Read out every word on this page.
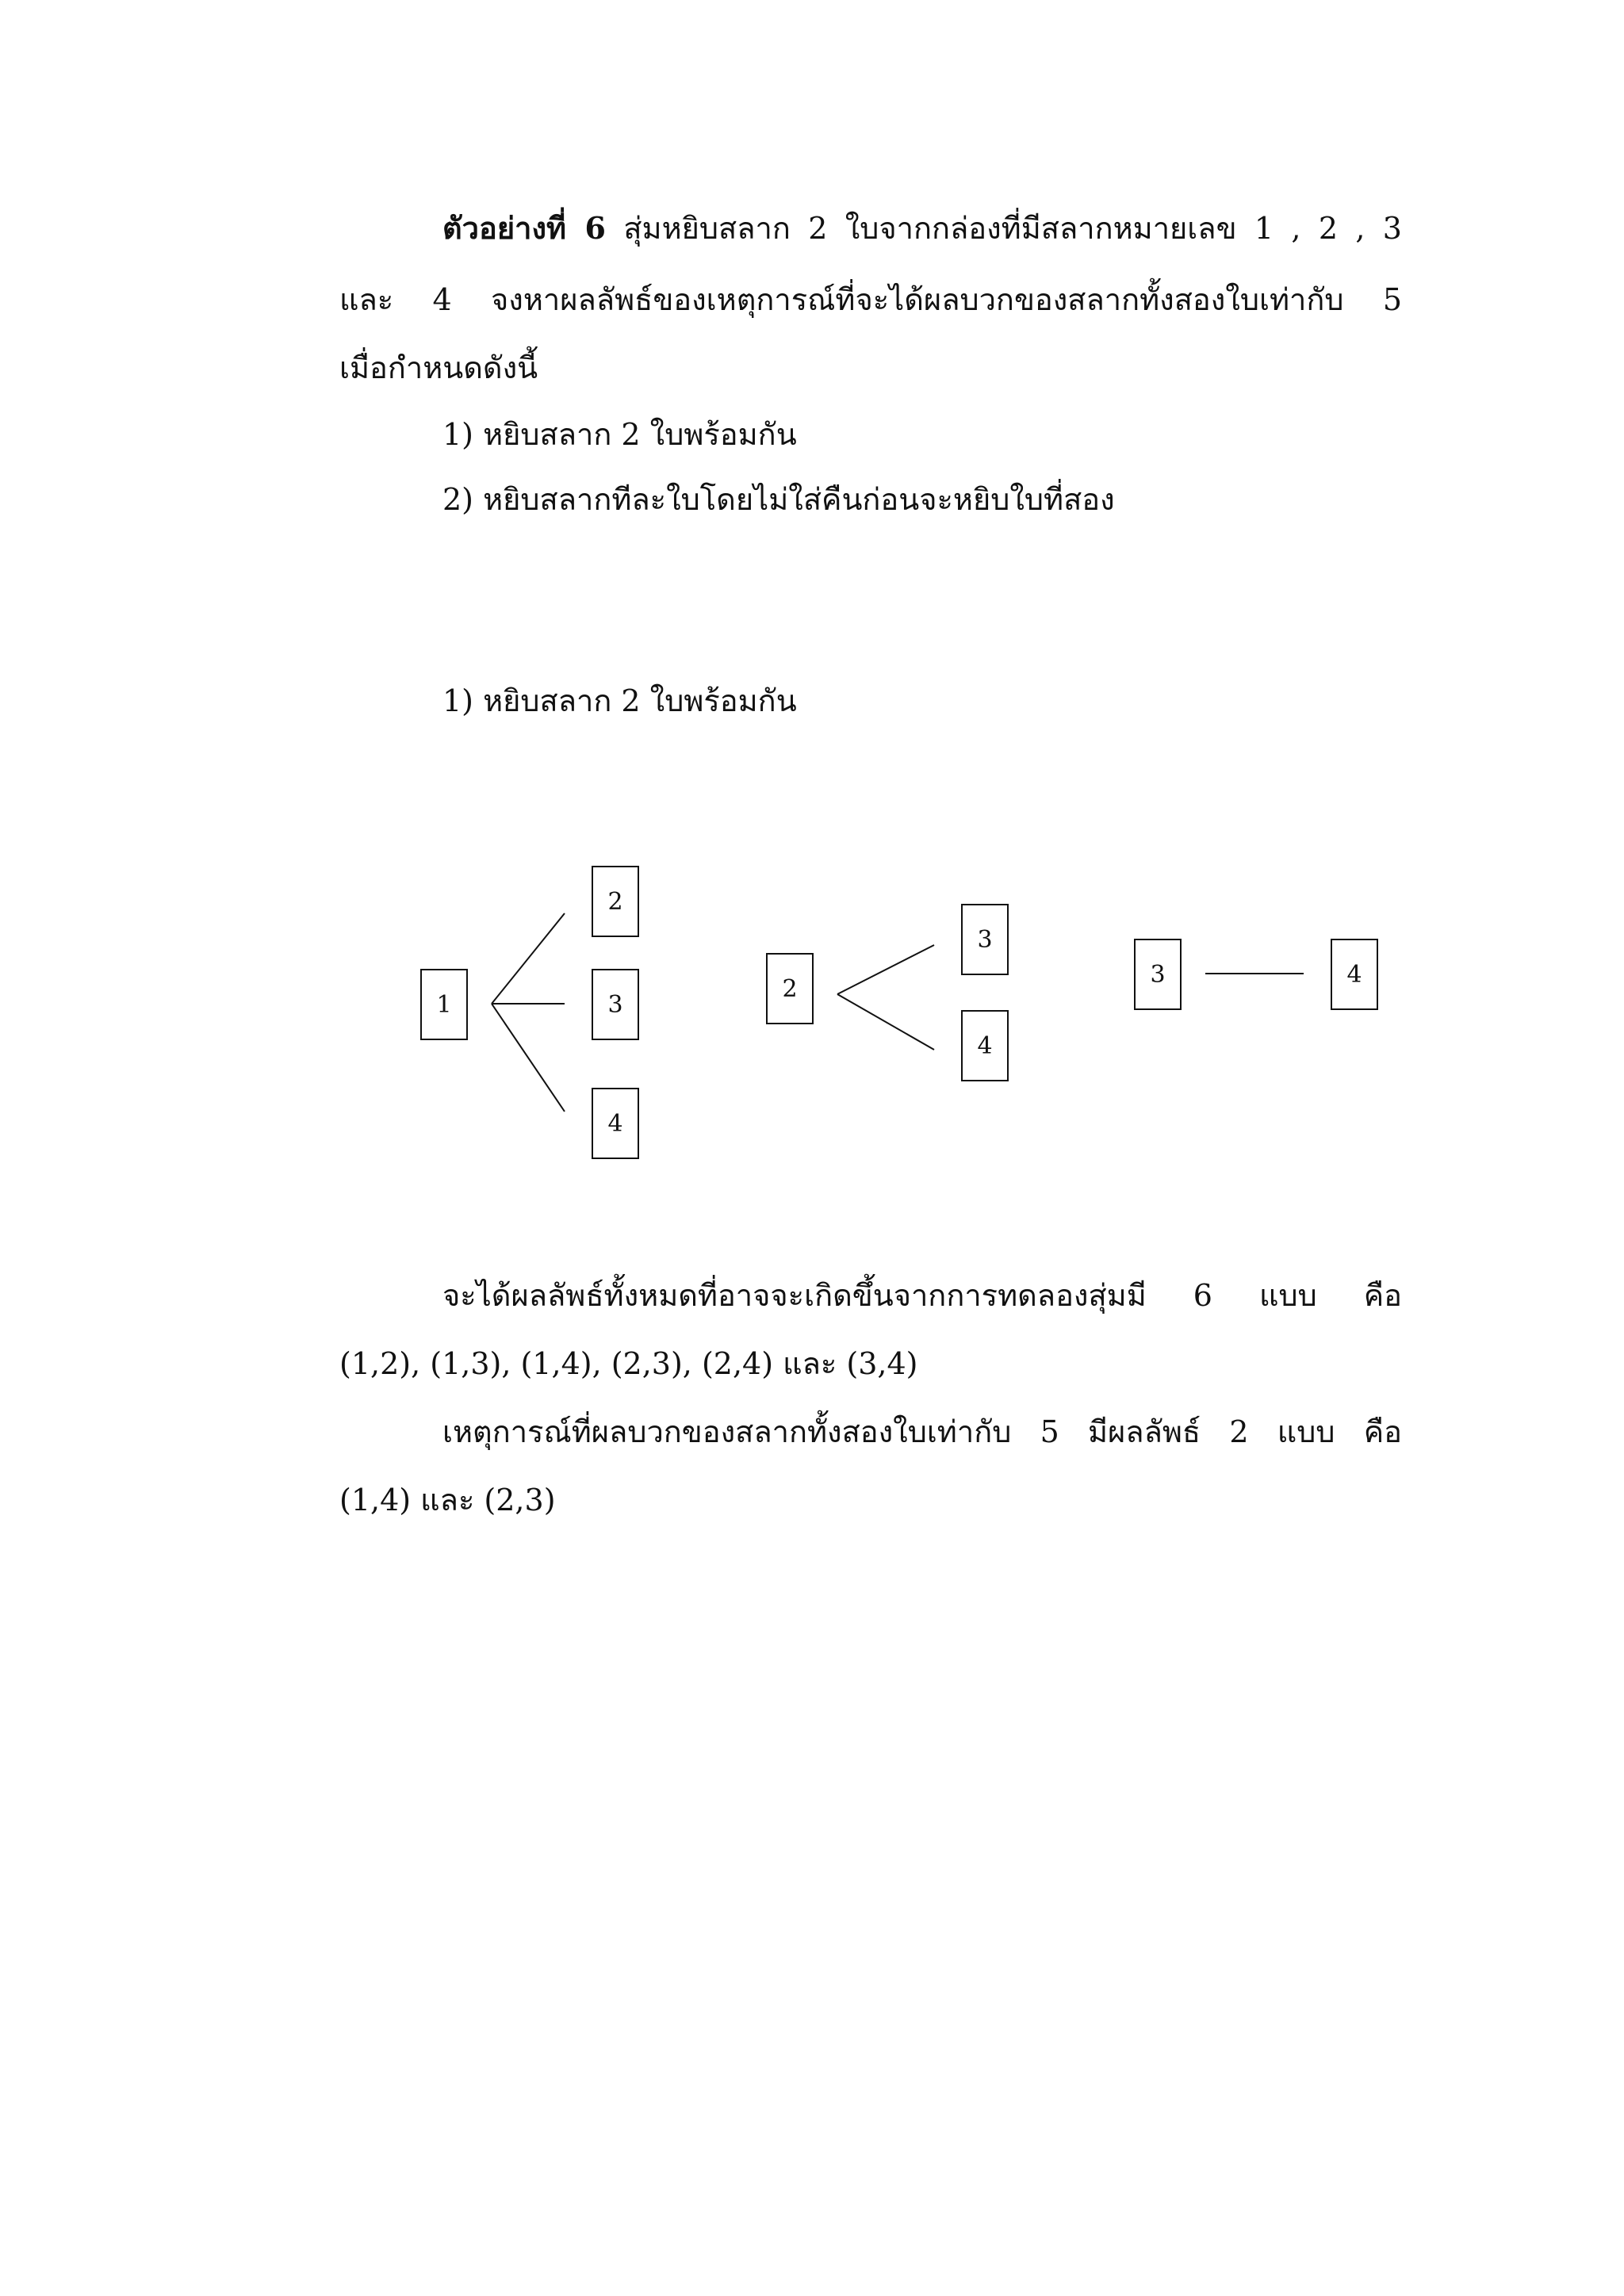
ตัวอย่างที่ 6 สุ่มหยิบสลาก 2 ใบจากกล่องที่มีสลากหมายเลข 1 , 2 , 3
และ 4 จงหาผลลัพธ์ของเหตุการณ์ที่จะได้ผลบวกของสลากทั้งสองใบเท่ากับ 5
เมื่อกำหนดดังนี้
1) หยิบสลาก 2 ใบพร้อมกัน
2) หยิบสลากทีละใบโดยไม่ใส่คืนก่อนจะหยิบใบที่สอง
1) หยิบสลาก 2 ใบพร้อมกัน
1
2
3
4
2
3
4
3	4
จะได้ผลลัพธ์ทั้งหมดที่อาจจะเกิดขึ้นจากการทดลองสุ่มมี 6 แบบ คือ
(1,2), (1,3), (1,4), (2,3), (2,4) และ (3,4)
เหตุการณ์ที่ผลบวกของสลากทั้งสองใบเท่ากับ 5 มีผลลัพธ์ 2 แบบ คือ
(1,4) และ (2,3)
